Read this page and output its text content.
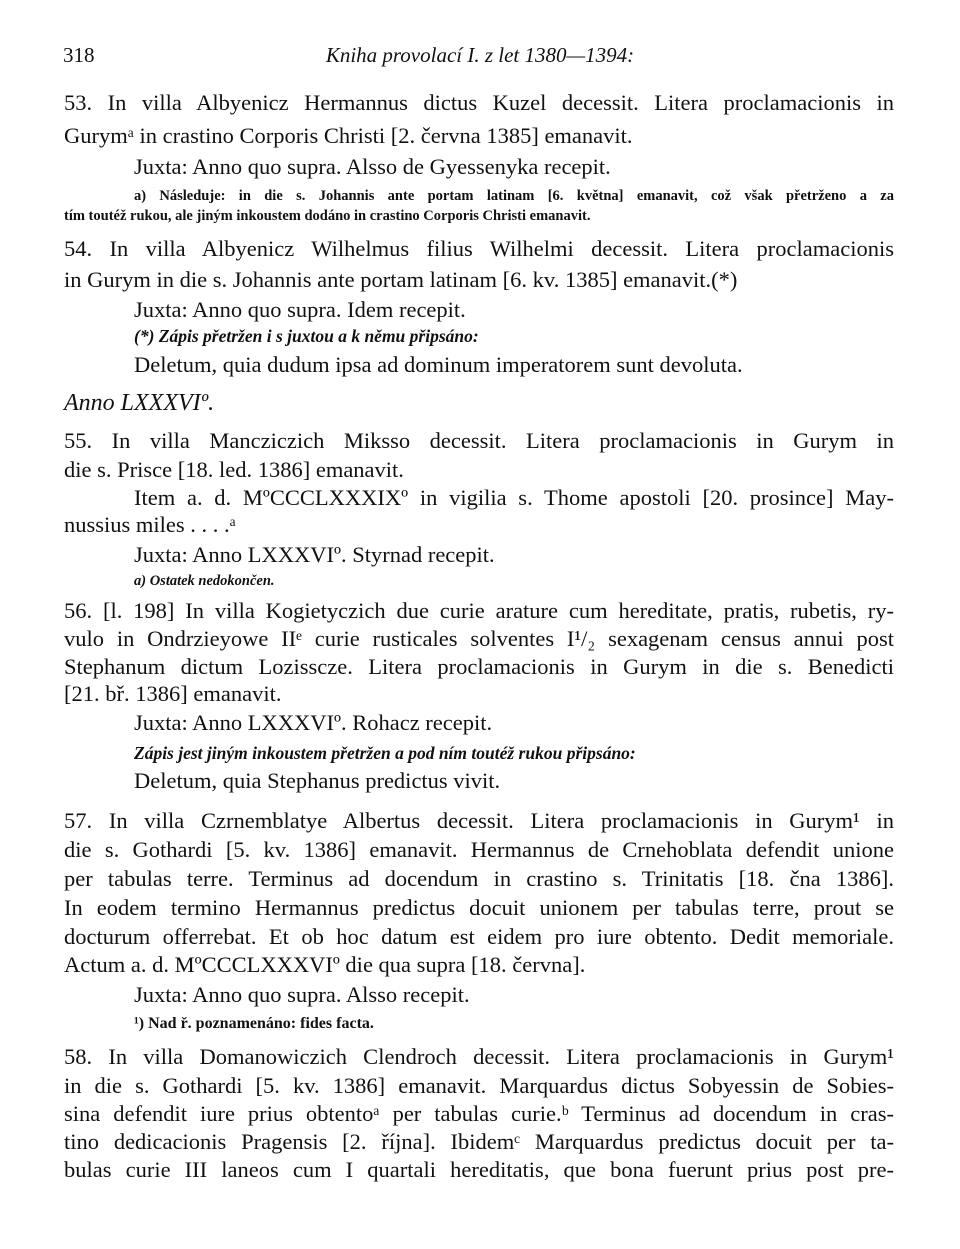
318	Kniha provolací I. z let 1380—1394:
53. In villa Albyenicz Hermannus dictus Kuzel decessit. Litera proclamacionis in
Gurymᵃ in crastino Corporis Christi [2. června 1385] emanavit.
Juxta: Anno quo supra. Alsso de Gyessenyka recepit.
a) Následuje: in die s. Johannis ante portam latinam [6. května] emanavit, což však přetrženo a za
tím toutéž rukou, ale jiným inkoustem dodáno in crastino Corporis Christi emanavit.
54. In villa Albyenicz Wilhelmus filius Wilhelmi decessit. Litera proclamacionis
in Gurym in die s. Johannis ante portam latinam [6. kv. 1385] emanavit.(*)
Juxta: Anno quo supra. Idem recepit.
(*) Zápis přetržen i s juxtou a k němu připsáno:
Deletum, quia dudum ipsa ad dominum imperatorem sunt devoluta.
Anno LXXXVIº.
55. In villa Mancziczich Miksso decessit. Litera proclamacionis in Gurym in
die s. Prisce [18. led. 1386] emanavit.
Item a. d. MºCCCLXXXIXº in vigilia s. Thome apostoli [20. prosince] May-
nussius miles . . . .ᵃ
Juxta: Anno LXXXVIº. Styrnad recepit.
a) Ostatek nedokončen.
56. [l. 198] In villa Kogietyczich due curie arature cum hereditate, pratis, rubetis, ry-
vulo in Ondrzieyowe IIᵉ curie rusticales solventes I¹/₂ sexagenam census annui post
Stephanum dictum Lozisscze. Litera proclamacionis in Gurym in die s. Benedicti
[21. bř. 1386] emanavit.
Juxta: Anno LXXXVIº. Rohacz recepit.
Zápis jest jiným inkoustem přetržen a pod ním toutéž rukou připsáno:
Deletum, quia Stephanus predictus vivit.
57. In villa Czrnemblatye Albertus decessit. Litera proclamacionis in Gurym¹ in
die s. Gothardi [5. kv. 1386] emanavit. Hermannus de Crnehoblata defendit unione
per tabulas terre. Terminus ad docendum in crastino s. Trinitatis [18. čna 1386].
In eodem termino Hermannus predictus docuit unionem per tabulas terre, prout se
docturum offerrebat. Et ob hoc datum est eidem pro iure obtento. Dedit memoriale.
Actum a. d. MºCCCLXXXVIº die qua supra [18. června].
Juxta: Anno quo supra. Alsso recepit.
¹) Nad ř. poznamenáno: fides facta.
58. In villa Domanowiczich Clendroch decessit. Litera proclamacionis in Gurym¹
in die s. Gothardi [5. kv. 1386] emanavit. Marquardus dictus Sobyessin de Sobies-
sina defendit iure prius obtentoᵃ per tabulas curie.ᵇ Terminus ad docendum in cras-
tino dedicacionis Pragensis [2. října]. Ibidemᶜ Marquardus predictus docuit per ta-
bulas curie III laneos cum I quartali hereditatis, que bona fuerunt prius post pre-
